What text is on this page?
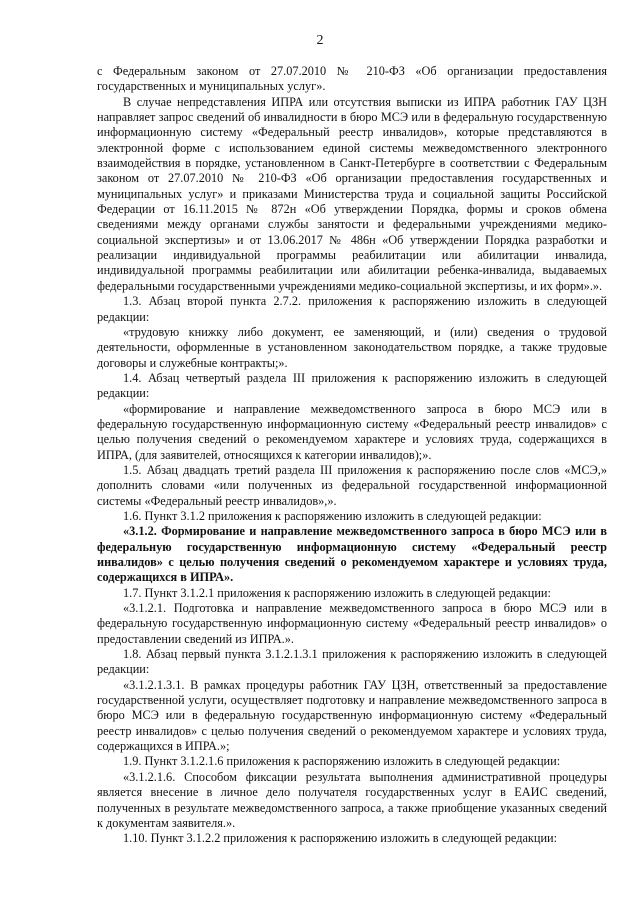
2

с Федеральным законом от 27.07.2010 № 210-ФЗ «Об организации предоставления государственных и муниципальных услуг».

В случае непредставления ИПРА или отсутствия выписки из ИПРА работник ГАУ ЦЗН направляет запрос сведений об инвалидности в бюро МСЭ или в федеральную государственную информационную систему «Федеральный реестр инвалидов», которые представляются в электронной форме с использованием единой системы межведомственного электронного взаимодействия в порядке, установленном в Санкт-Петербурге в соответствии с Федеральным законом от 27.07.2010 № 210-ФЗ «Об организации предоставления государственных и муниципальных услуг» и приказами Министерства труда и социальной защиты Российской Федерации от 16.11.2015 № 872н «Об утверждении Порядка, формы и сроков обмена сведениями между органами службы занятости и федеральными учреждениями медико-социальной экспертизы» и от 13.06.2017 № 486н «Об утверждении Порядка разработки и реализации индивидуальной программы реабилитации или абилитации инвалида, индивидуальной программы реабилитации или абилитации ребенка-инвалида, выдаваемых федеральными государственными учреждениями медико-социальной экспертизы, и их форм».».

1.3. Абзац второй пункта 2.7.2. приложения к распоряжению изложить в следующей редакции:

«трудовую книжку либо документ, ее заменяющий, и (или) сведения о трудовой деятельности, оформленные в установленном законодательством порядке, а также трудовые договоры и служебные контракты;».

1.4. Абзац четвертый раздела III приложения к распоряжению изложить в следующей редакции:

«формирование и направление межведомственного запроса в бюро МСЭ или в федеральную государственную информационную систему «Федеральный реестр инвалидов» с целью получения сведений о рекомендуемом характере и условиях труда, содержащихся в ИПРА, (для заявителей, относящихся к категории инвалидов);».

1.5. Абзац двадцать третий раздела III приложения к распоряжению после слов «МСЭ,» дополнить словами «или полученных из федеральной государственной информационной системы «Федеральный реестр инвалидов»,».

1.6. Пункт 3.1.2 приложения к распоряжению изложить в следующей редакции:

«3.1.2. Формирование и направление межведомственного запроса в бюро МСЭ или в федеральную государственную информационную систему «Федеральный реестр инвалидов» с целью получения сведений о рекомендуемом характере и условиях труда, содержащихся в ИПРА».

1.7. Пункт 3.1.2.1 приложения к распоряжению изложить в следующей редакции:

«3.1.2.1. Подготовка и направление межведомственного запроса в бюро МСЭ или в федеральную государственную информационную систему «Федеральный реестр инвалидов» о предоставлении сведений из ИПРА.».

1.8. Абзац первый пункта 3.1.2.1.3.1 приложения к распоряжению изложить в следующей редакции:

«3.1.2.1.3.1. В рамках процедуры работник ГАУ ЦЗН, ответственный за предоставление государственной услуги, осуществляет подготовку и направление межведомственного запроса в бюро МСЭ или в федеральную государственную информационную систему «Федеральный реестр инвалидов» с целью получения сведений о рекомендуемом характере и условиях труда, содержащихся в ИПРА.»;

1.9. Пункт 3.1.2.1.6 приложения к распоряжению изложить в следующей редакции:

«3.1.2.1.6. Способом фиксации результата выполнения административной процедуры является внесение в личное дело получателя государственных услуг в ЕАИС сведений, полученных в результате межведомственного запроса, а также приобщение указанных сведений к документам заявителя.».

1.10. Пункт 3.1.2.2 приложения к распоряжению изложить в следующей редакции:
